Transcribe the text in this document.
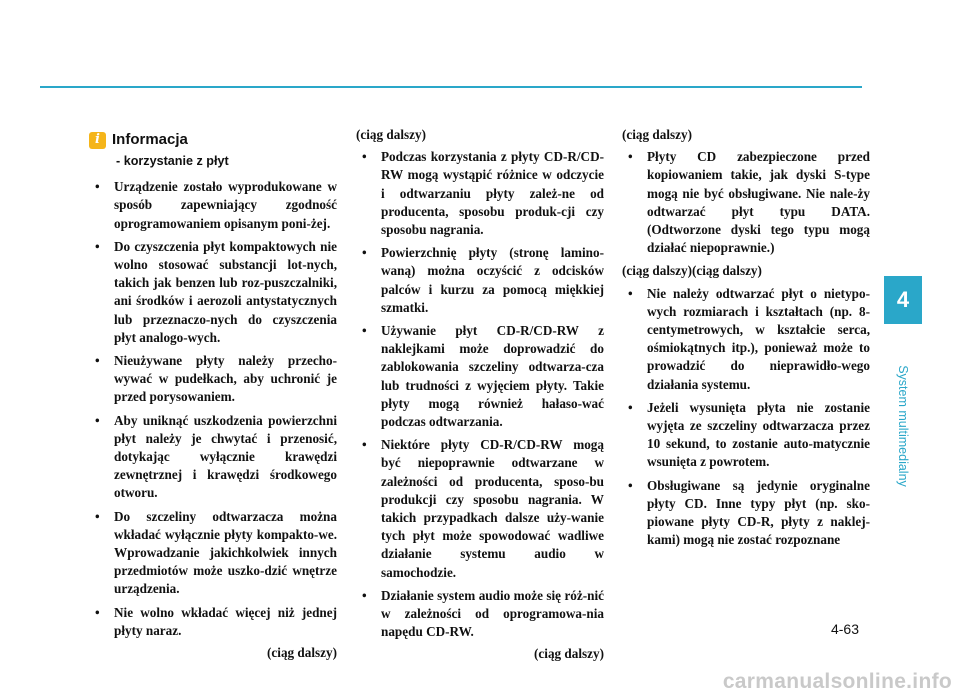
i Informacja
- korzystanie z płyt
• Urządzenie zostało wyprodukowane w sposób zapewniający zgodność oprogramowaniem opisanym poni-żej.
• Do czyszczenia płyt kompaktowych nie wolno stosować substancji lot-nych, takich jak benzen lub roz-puszczalniki, ani środków i aerozoli antystatycznych lub przeznaczo-nych do czyszczenia płyt analogo-wych.
• Nieużywane płyty należy przecho-wywać w pudełkach, aby uchronić je przed porysowaniem.
• Aby uniknąć uszkodzenia powierzchni płyt należy je chwytać i przenosić, dotykając wyłącznie krawędzi zewnętrznej i krawędzi środkowego otworu.
• Do szczeliny odtwarzacza można wkładać wyłącznie płyty kompakto-we. Wprowadzanie jakichkolwiek innych przedmiotów może uszko-dzić wnętrze urządzenia.
• Nie wolno wkładać więcej niż jednej płyty naraz.
(ciąg dalszy)
(ciąg dalszy)
• Podczas korzystania z płyty CD-R/CD-RW mogą wystąpić różnice w odczycie i odtwarzaniu płyty zależ-ne od producenta, sposobu produk-cji czy sposobu nagrania.
• Powierzchnię płyty (stronę lamino-waną) można oczyścić z odcisków palców i kurzu za pomocą miękkiej szmatki.
• Używanie płyt CD-R/CD-RW z naklejkami może doprowadzić do zablokowania szczeliny odtwarza-cza lub trudności z wyjęciem płyty. Takie płyty mogą również hałaso-wać podczas odtwarzania.
• Niektóre płyty CD-R/CD-RW mogą być niepoprawnie odtwarzane w zależności od producenta, sposo-bu produkcji czy sposobu nagrania. W takich przypadkach dalsze uży-wanie tych płyt może spowodować wadliwe działanie systemu audio w samochodzie.
• Działanie system audio może się róż-nić w zależności od oprogramowa-nia napędu CD-RW.
(ciąg dalszy)
(ciąg dalszy)
• Płyty CD zabezpieczone przed kopiowaniem takie, jak dyski S-type mogą nie być obsługiwane. Nie nale-ży odtwarzać płyt typu DATA. (Odtworzone dyski tego typu mogą działać niepoprawnie.)
(ciąg dalszy)(ciąg dalszy)
• Nie należy odtwarzać płyt o nietypo-wych rozmiarach i kształtach (np. 8-centymetrowych, w kształcie serca, ośmiokątnych itp.), ponieważ może to prowadzić do nieprawidło-wego działania systemu.
• Jeżeli wysunięta płyta nie zostanie wyjęta ze szczeliny odtwarzacza przez 10 sekund, to zostanie auto-matycznie wsunięta z powrotem.
• Obsługiwane są jedynie oryginalne płyty CD. Inne typy płyt (np. sko-piowane płyty CD-R, płyty z naklej-kami) mogą nie zostać rozpoznane
4
System multimedialny
4-63
carmanualsonline.info
